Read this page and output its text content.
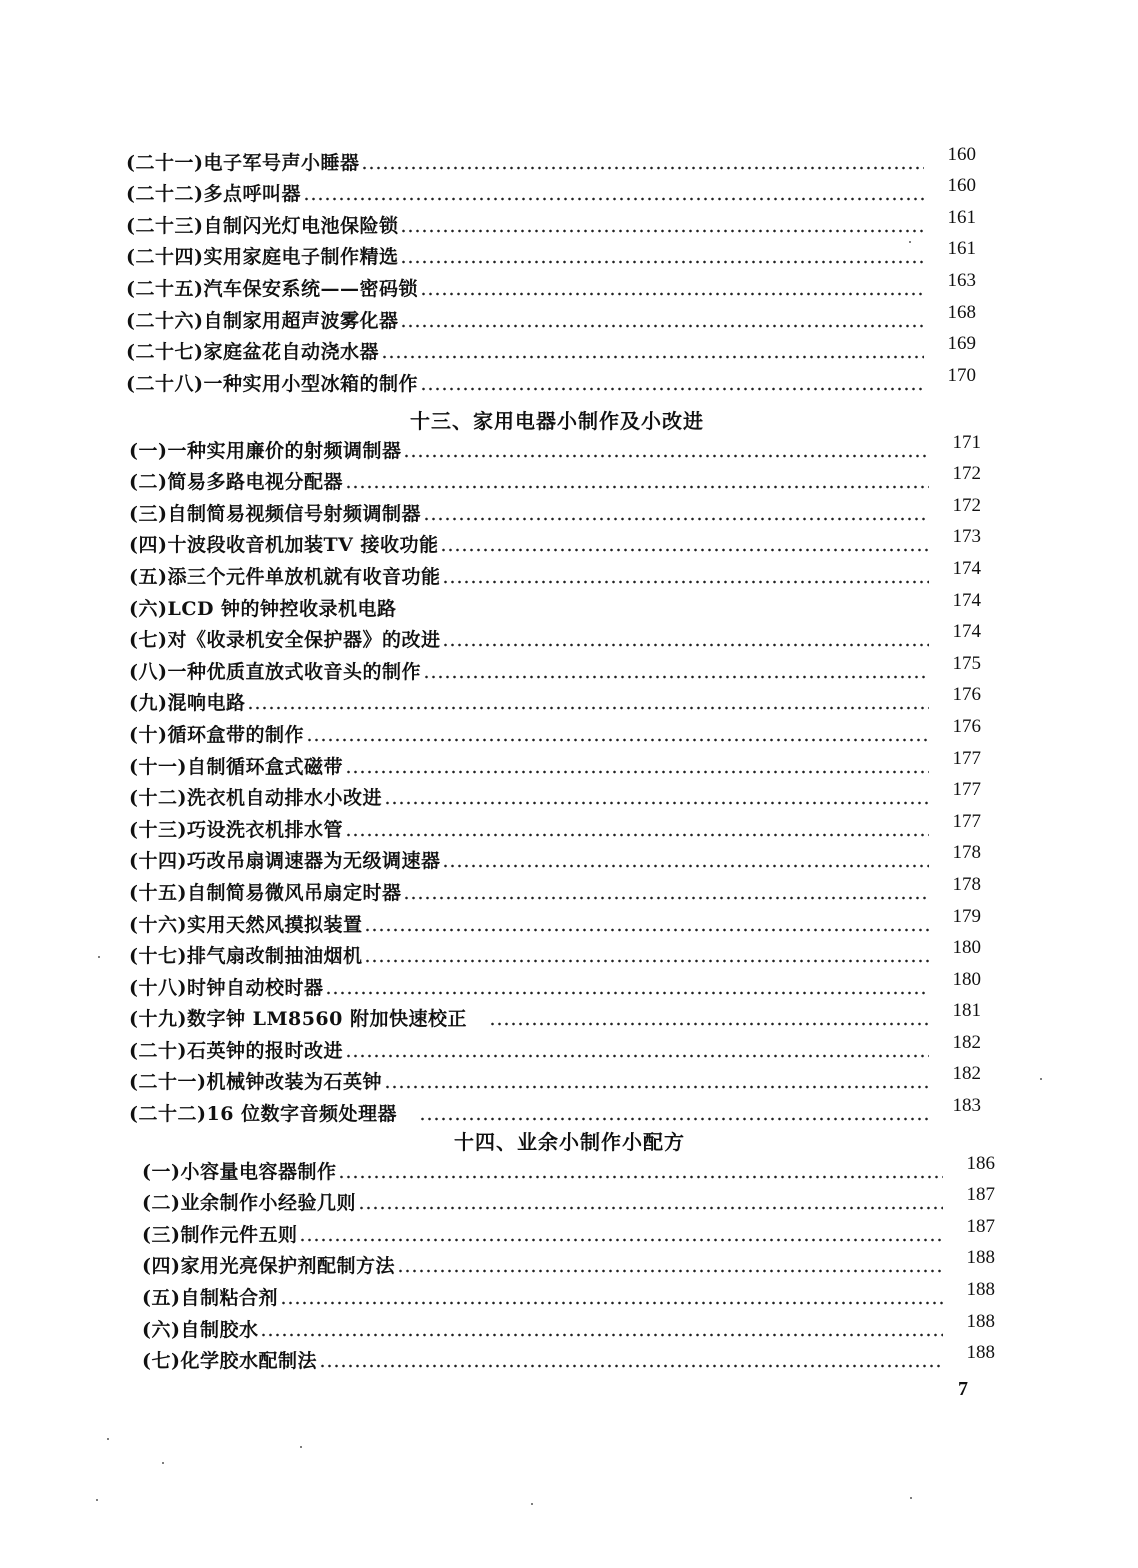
(二十一)电子军号声小睡器	160
(二十二)多点呼叫器	160
(二十三)自制闪光灯电池保险锁	161
(二十四)实用家庭电子制作精选	161
(二十五)汽车保安系统——密码锁	163
(二十六)自制家用超声波雾化器	168
(二十七)家庭盆花自动浇水器	169
(二十八)一种实用小型冰箱的制作	170
十三、家用电器小制作及小改进
(一)一种实用廉价的射频调制器	171
(二)简易多路电视分配器	172
(三)自制简易视频信号射频调制器	172
(四)十波段收音机加装TV 接收功能	173
(五)添三个元件单放机就有收音功能	174
(六)LCD 钟的钟控收录机电路	174
(七)对《收录机安全保护器》的改进	174
(八)一种优质直放式收音头的制作	175
(九)混响电路	176
(十)循环盒带的制作	176
(十一)自制循环盒式磁带	177
(十二)洗衣机自动排水小改进	177
(十三)巧设洗衣机排水管	177
(十四)巧改吊扇调速器为无级调速器	178
(十五)自制简易微风吊扇定时器	178
(十六)实用天然风摸拟装置	179
(十七)排气扇改制抽油烟机	180
(十八)时钟自动校时器	180
(十九)数字钟 LM8560 附加快速校正	181
(二十)石英钟的报时改进	182
(二十一)机械钟改装为石英钟	182
(二十二)16 位数字音频处理器	183
十四、业余小制作小配方
(一)小容量电容器制作	186
(二)业余制作小经验几则	187
(三)制作元件五则	187
(四)家用光亮保护剂配制方法	188
(五)自制粘合剂	188
(六)自制胶水	188
(七)化学胶水配制法	188
7
